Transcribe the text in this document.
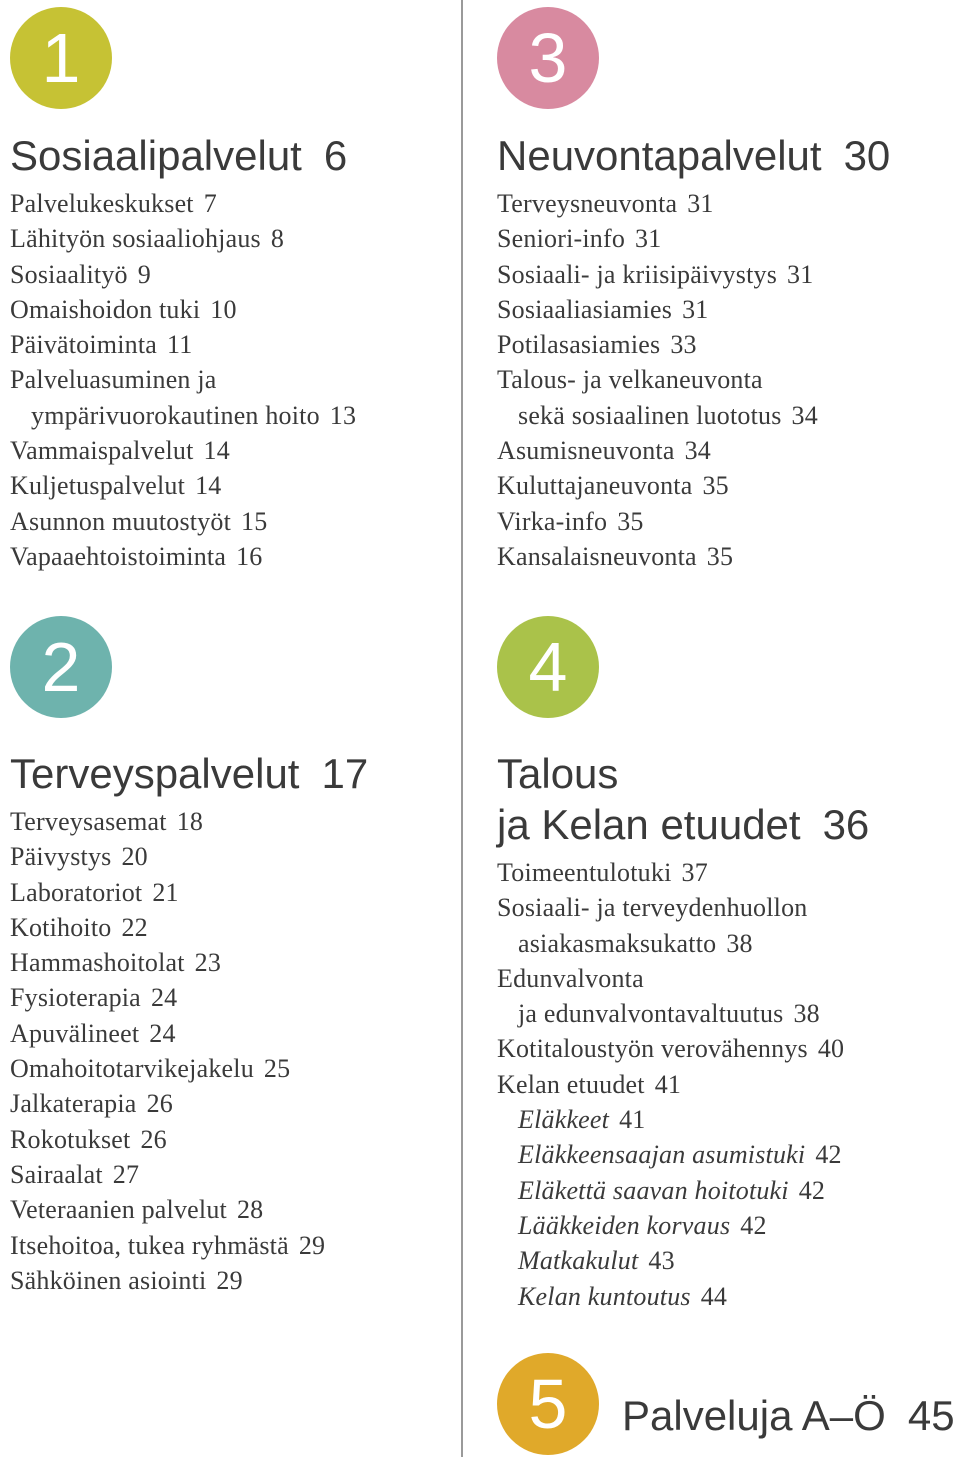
1
Sosiaalipalvelut 6
Palvelukeskukset 7
Lähityön sosiaaliohjaus 8
Sosiaalityö 9
Omaishoidon tuki 10
Päivätoiminta 11
Palveluasuminen ja
ympärivuorokautinen hoito 13
Vammaispalvelut 14
Kuljetuspalvelut 14
Asunnon muutostyöt 15
Vapaaehtoistoiminta 16
2
Terveyspalvelut 17
Terveysasemat 18
Päivystys 20
Laboratoriot 21
Kotihoito 22
Hammashoitolat 23
Fysioterapia 24
Apuvälineet 24
Omahoitotarvikejakelu 25
Jalkaterapia 26
Rokotukset 26
Sairaalat 27
Veteraanien palvelut 28
Itsehoitoa, tukea ryhmästä 29
Sähköinen asiointi 29
3
Neuvontapalvelut 30
Terveysneuvonta 31
Seniori-info 31
Sosiaali- ja kriisipäivystys 31
Sosiaaliasiamies 31
Potilasasiamies 33
Talous- ja velkaneuvonta
sekä sosiaalinen luototus 34
Asumisneuvonta 34
Kuluttajaneuvonta 35
Virka-info 35
Kansalaisneuvonta 35
4
Talous
ja Kelan etuudet 36
Toimeentulotuki 37
Sosiaali- ja terveydenhuollon
asiakasmaksukatto 38
Edunvalvonta
ja edunvalvontavaltuutus 38
Kotitaloustyön verovähennys 40
Kelan etuudet 41
Eläkkeet 41
Eläkkeensaajan asumistuki 42
Eläkettä saavan hoitotuki 42
Lääkkeiden korvaus 42
Matkakulut 43
Kelan kuntoutus 44
5 Palveluja A–Ö 45
